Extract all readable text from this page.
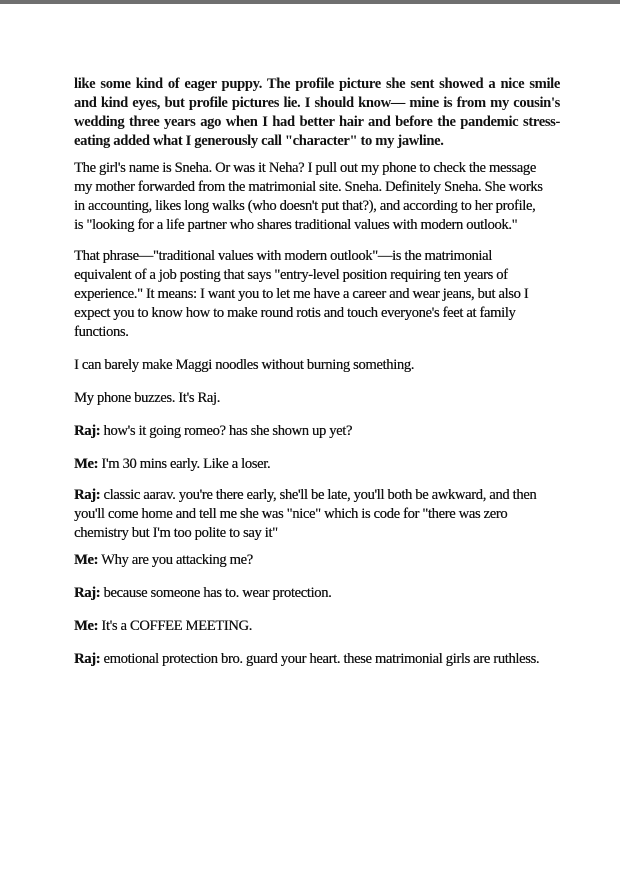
like some kind of eager puppy. The profile picture she sent showed a nice smile and kind eyes, but profile pictures lie. I should know— mine is from my cousin's wedding three years ago when I had better hair and before the pandemic stress-eating added what I generously call "character" to my jawline.

The girl's name is Sneha. Or was it Neha? I pull out my phone to check the message my mother forwarded from the matrimonial site. Sneha. Definitely Sneha. She works in accounting, likes long walks (who doesn't put that?), and according to her profile, is "looking for a life partner who shares traditional values with modern outlook."

That phrase—"traditional values with modern outlook"—is the matrimonial equivalent of a job posting that says "entry-level position requiring ten years of experience." It means: I want you to let me have a career and wear jeans, but also I expect you to know how to make round rotis and touch everyone's feet at family functions.

I can barely make Maggi noodles without burning something.

My phone buzzes. It's Raj.

Raj: how's it going romeo? has she shown up yet?

Me: I'm 30 mins early. Like a loser.

Raj: classic aarav. you're there early, she'll be late, you'll both be awkward, and then you'll come home and tell me she was "nice" which is code for "there was zero chemistry but I'm too polite to say it"

Me: Why are you attacking me?

Raj: because someone has to. wear protection.

Me: It's a COFFEE MEETING.

Raj: emotional protection bro. guard your heart. these matrimonial girls are ruthless.
